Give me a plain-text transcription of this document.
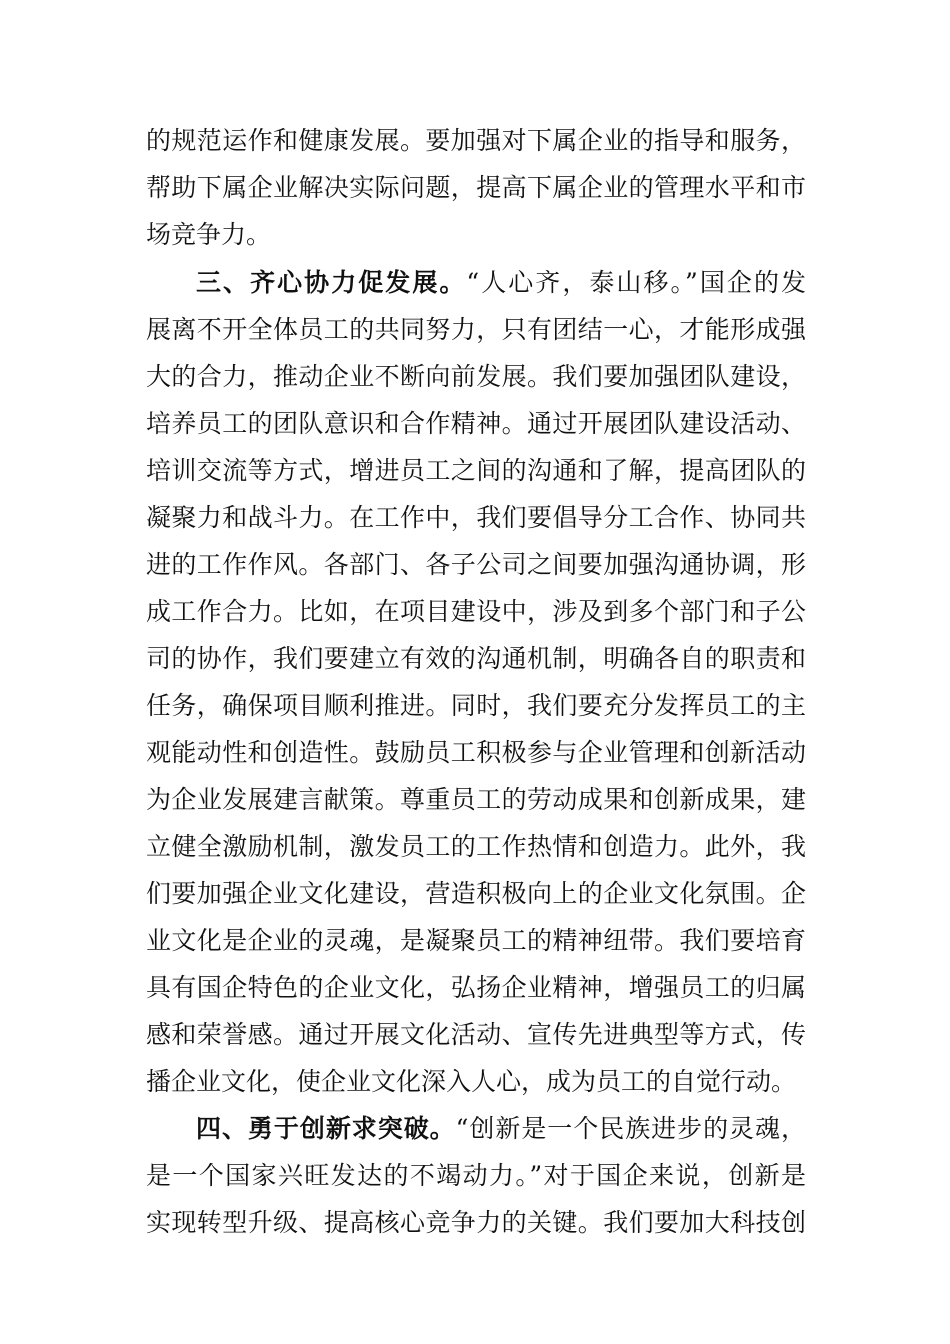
的规范运作和健康发展。要加强对下属企业的指导和服务，
帮助下属企业解决实际问题，提高下属企业的管理水平和市
场竞争力。
三、齐心协力促发展。“人心齐，泰山移。”国企的发
展离不开全体员工的共同努力，只有团结一心，才能形成强
大的合力，推动企业不断向前发展。我们要加强团队建设，
培养员工的团队意识和合作精神。通过开展团队建设活动、
培训交流等方式，增进员工之间的沟通和了解，提高团队的
凝聚力和战斗力。在工作中，我们要倡导分工合作、协同共
进的工作作风。各部门、各子公司之间要加强沟通协调，形
成工作合力。比如，在项目建设中，涉及到多个部门和子公
司的协作，我们要建立有效的沟通机制，明确各自的职责和
任务，确保项目顺利推进。同时，我们要充分发挥员工的主
观能动性和创造性。鼓励员工积极参与企业管理和创新活动
为企业发展建言献策。尊重员工的劳动成果和创新成果，建
立健全激励机制，激发员工的工作热情和创造力。此外，我
们要加强企业文化建设，营造积极向上的企业文化氛围。企
业文化是企业的灵魂，是凝聚员工的精神纽带。我们要培育
具有国企特色的企业文化，弘扬企业精神，增强员工的归属
感和荣誉感。通过开展文化活动、宣传先进典型等方式，传
播企业文化，使企业文化深入人心，成为员工的自觉行动。
四、勇于创新求突破。“创新是一个民族进步的灵魂，
是一个国家兴旺发达的不竭动力。”对于国企来说，创新是
实现转型升级、提高核心竞争力的关键。我们要加大科技创
